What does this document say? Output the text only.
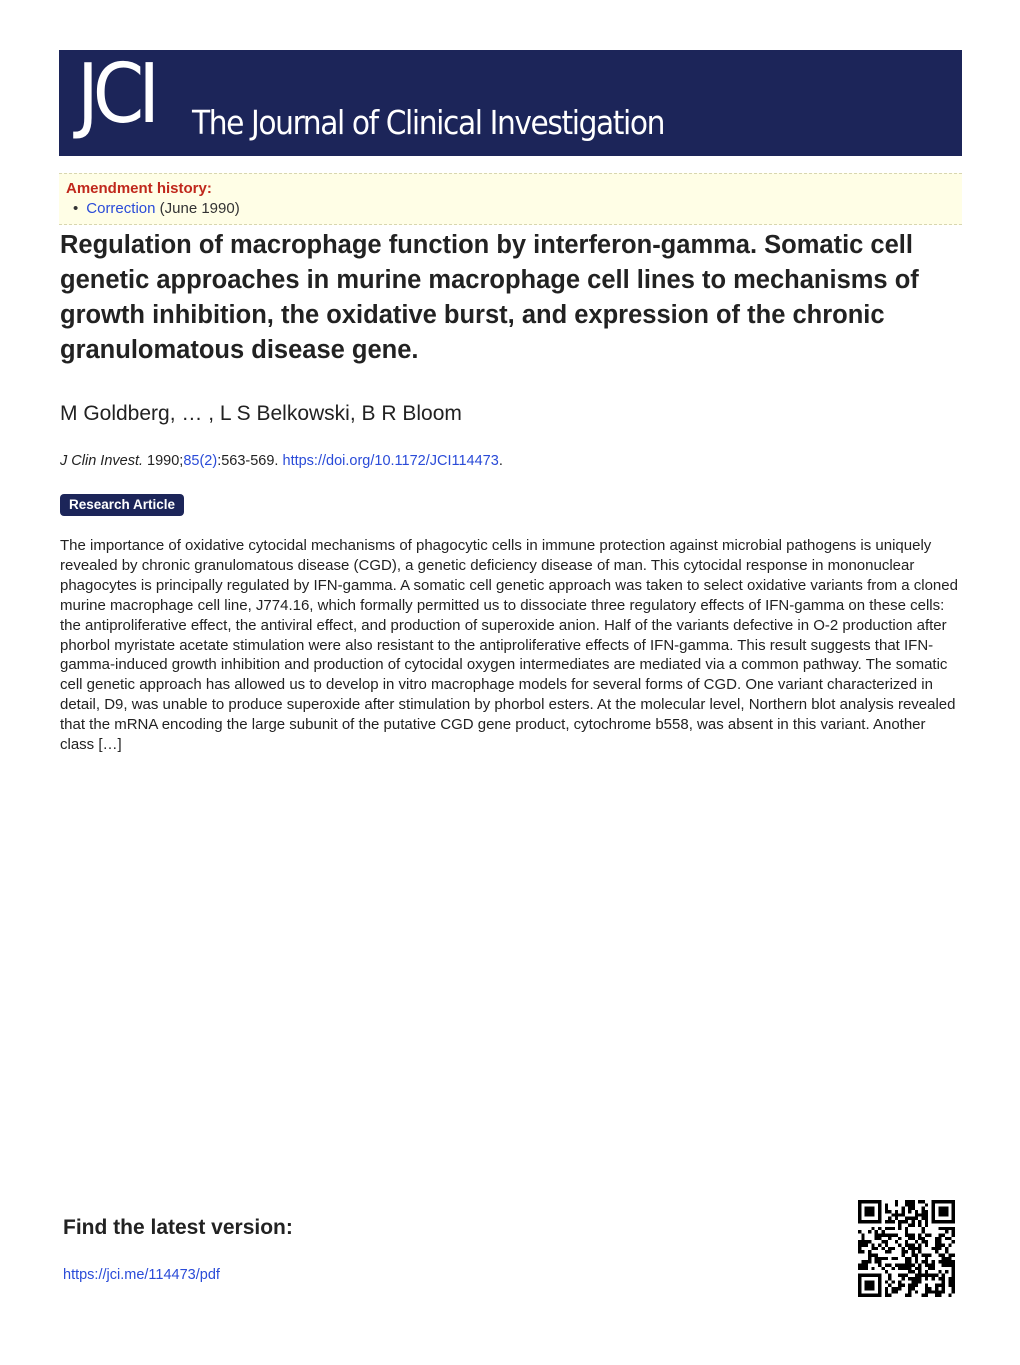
JCI The Journal of Clinical Investigation
Amendment history:
• Correction (June 1990)
Regulation of macrophage function by interferon-gamma. Somatic cell genetic approaches in murine macrophage cell lines to mechanisms of growth inhibition, the oxidative burst, and expression of the chronic granulomatous disease gene.
M Goldberg, … , L S Belkowski, B R Bloom
J Clin Invest. 1990;85(2):563-569. https://doi.org/10.1172/JCI114473.
Research Article

The importance of oxidative cytocidal mechanisms of phagocytic cells in immune protection against microbial pathogens is uniquely revealed by chronic granulomatous disease (CGD), a genetic deficiency disease of man. This cytocidal response in mononuclear phagocytes is principally regulated by IFN-gamma. A somatic cell genetic approach was taken to select oxidative variants from a cloned murine macrophage cell line, J774.16, which formally permitted us to dissociate three regulatory effects of IFN-gamma on these cells: the antiproliferative effect, the antiviral effect, and production of superoxide anion. Half of the variants defective in O-2 production after phorbol myristate acetate stimulation were also resistant to the antiproliferative effects of IFN-gamma. This result suggests that IFN-gamma-induced growth inhibition and production of cytocidal oxygen intermediates are mediated via a common pathway. The somatic cell genetic approach has allowed us to develop in vitro macrophage models for several forms of CGD. One variant characterized in detail, D9, was unable to produce superoxide after stimulation by phorbol esters. At the molecular level, Northern blot analysis revealed that the mRNA encoding the large subunit of the putative CGD gene product, cytochrome b558, was absent in this variant. Another class […]

Find the latest version:
https://jci.me/114473/pdf
